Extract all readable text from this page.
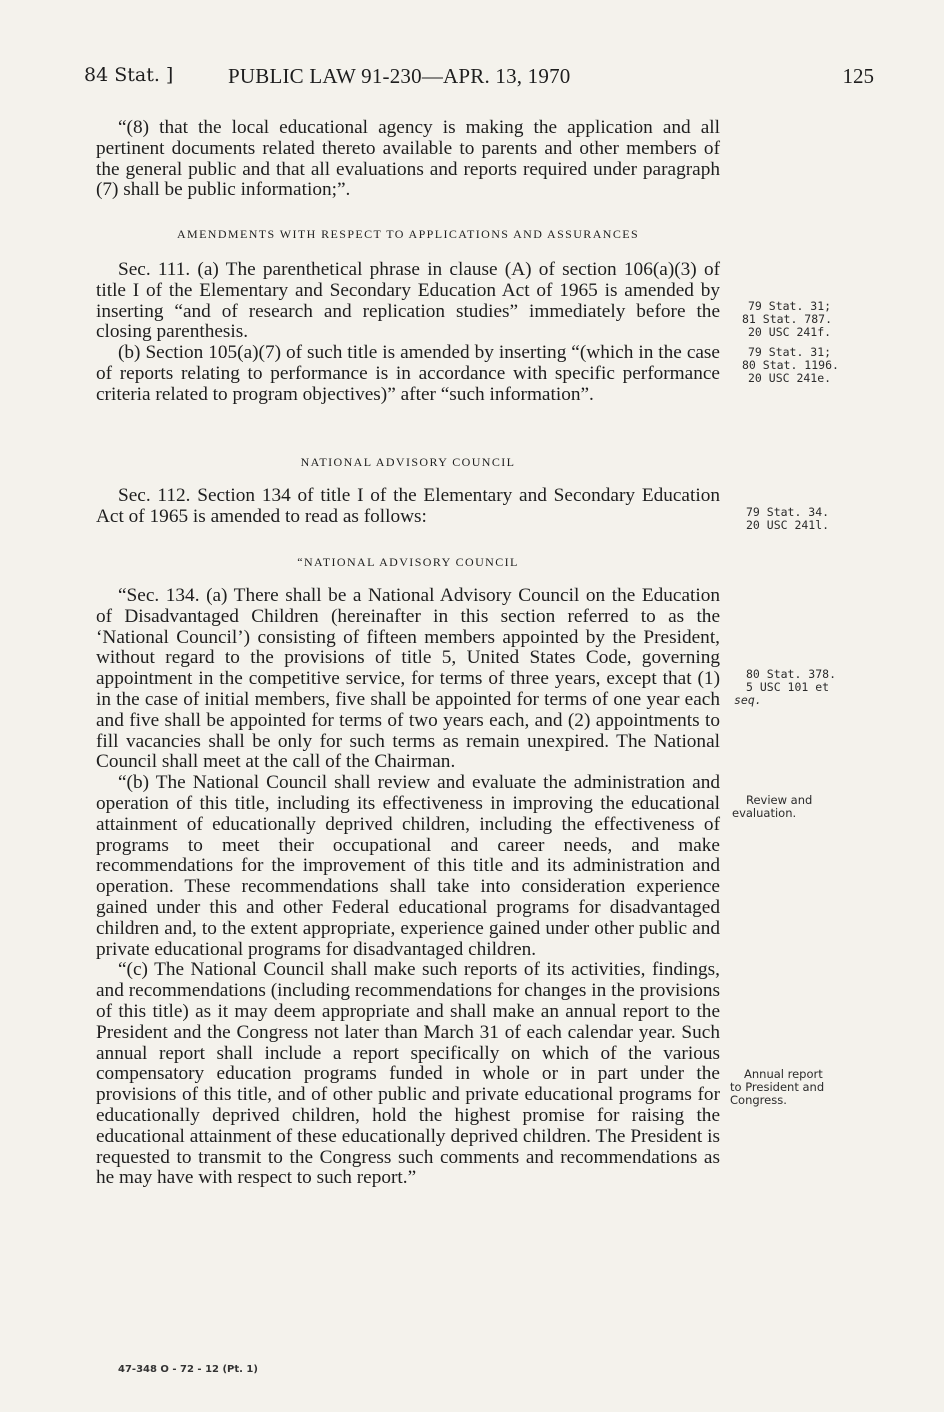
84 Stat. ]	PUBLIC LAW 91-230—APR. 13, 1970	125

“(8) that the local educational agency is making the application and all pertinent documents related thereto available to parents and other members of the general public and that all evaluations and reports required under paragraph (7) shall be public information;”.

AMENDMENTS WITH RESPECT TO APPLICATIONS AND ASSURANCES

Sec. 111. (a) The parenthetical phrase in clause (A) of section 106(a)(3) of title I of the Elementary and Secondary Education Act of 1965 is amended by inserting “and of research and replication studies” immediately before the closing parenthesis.

(b) Section 105(a)(7) of such title is amended by inserting “(which in the case of reports relating to performance is in accordance with specific performance criteria related to program objectives)” after “such information”.

NATIONAL ADVISORY COUNCIL

Sec. 112. Section 134 of title I of the Elementary and Secondary Education Act of 1965 is amended to read as follows:

“NATIONAL ADVISORY COUNCIL

“Sec. 134. (a) There shall be a National Advisory Council on the Education of Disadvantaged Children (hereinafter in this section referred to as the ‘National Council’) consisting of fifteen members appointed by the President, without regard to the provisions of title 5, United States Code, governing appointment in the competitive service, for terms of three years, except that (1) in the case of initial members, five shall be appointed for terms of one year each and five shall be appointed for terms of two years each, and (2) appointments to fill vacancies shall be only for such terms as remain unexpired. The National Council shall meet at the call of the Chairman.

“(b) The National Council shall review and evaluate the administration and operation of this title, including its effectiveness in improving the educational attainment of educationally deprived children, including the effectiveness of programs to meet their occupational and career needs, and make recommendations for the improvement of this title and its administration and operation. These recommendations shall take into consideration experience gained under this and other Federal educational programs for disadvantaged children and, to the extent appropriate, experience gained under other public and private educational programs for disadvantaged children.

“(c) The National Council shall make such reports of its activities, findings, and recommendations (including recommendations for changes in the provisions of this title) as it may deem appropriate and shall make an annual report to the President and the Congress not later than March 31 of each calendar year. Such annual report shall include a report specifically on which of the various compensatory education programs funded in whole or in part under the provisions of this title, and of other public and private educational programs for educationally deprived children, hold the highest promise for raising the educational attainment of these educationally deprived children. The President is requested to transmit to the Congress such comments and recommendations as he may have with respect to such report.”

79 Stat. 31;
81 Stat. 787.
20 USC 241f.
79 Stat. 31;
80 Stat. 1196.
20 USC 241e.
79 Stat. 34.
20 USC 241l.
80 Stat. 378.
5 USC 101 et
seq.
Review and
evaluation.
Annual report
to President and
Congress.
47-348 O - 72 - 12 (Pt. 1)
